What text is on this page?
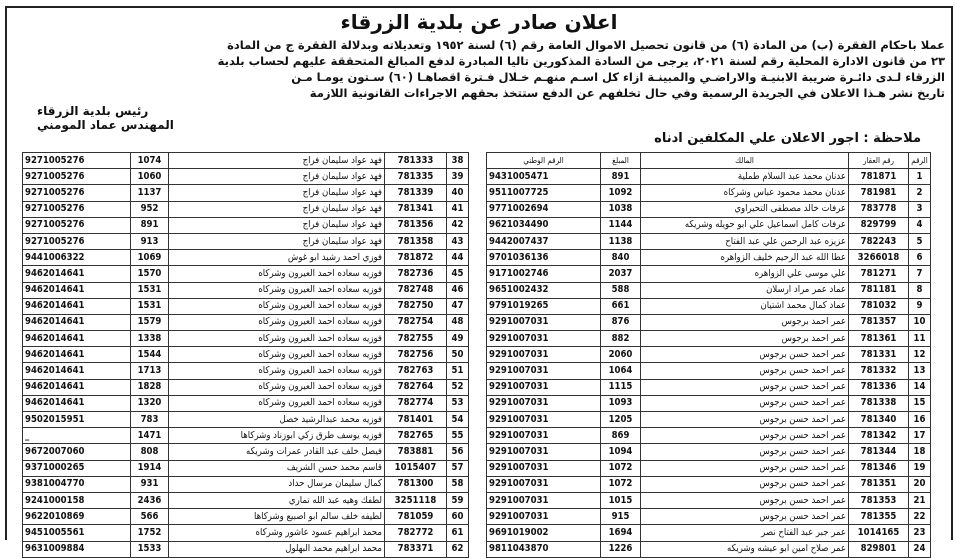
اعلان صادر عن بلدية الزرقاء
عملا باحكام الفقرة (ب) من المادة (٦) من قانون تحصيل الاموال العامة رقم (٦) لسنة ١٩٥٢ وتعديلاته وبدلالة الفقرة ج من المادة
٢٣ من قانون الادارة المحلية رقم لسنة ٢٠٢١، يرجى من السادة المذكورين تاليا المبادرة لدفع المبالغ المتحققة عليهم لحساب بلدية
الزرقاء لـدى دائـرة ضريبة الابنيـة والاراضـي والمبينـة ازاء كل اسـم منهـم خـلال فـترة اقصاهـا (٦٠) سـتون يومـا مـن
تاريخ نشر هـذا الاعلان في الجريدة الرسمية وفي حال تخلفهم عن الدفع ستتخذ بحقهم الاجراءات القانونية اللازمة
رئيس بلدية الزرقاء
المهندس عماد المومني
ملاحظة : اجور الاعلان علي المكلفين ادناه
الرقم	رقم العقار	المالك	المبلغ	الرقم الوطني
1	781871	عدنان محمد عبد السلام طملية	891	9431005471
2	781981	عدنان محمد محمود عباس وشركاه	1092	9511007725
3	783778	عرفات خالد مصطفى التحيراوي	1038	9771002694
4	829799	عرفات كامل اسماعيل علي ابو حويله وشريكه	1144	9621034490
5	782243	عزيزه عبد الرحمن علي عبد الفتاح	1138	9442007437
6	3266018	عطا الله عبد الرحيم خليف الزواهره	840	9701036136
7	781271	علي موسى علي الزواهره	2037	9171002746
8	781181	عماد عمر مراد ارسلان	588	9651002432
9	781032	عماد كمال محمد اشتيان	661	9791019265
10	781357	عمر احمد برجوس	876	9291007031
11	781361	عمر احمد برجوس	882	9291007031
12	781331	عمر احمد حسن برجوس	2060	9291007031
13	781332	عمر احمد حسن برجوس	1064	9291007031
14	781336	عمر احمد حسن برجوس	1115	9291007031
15	781338	عمر احمد حسن برجوس	1093	9291007031
16	781340	عمر احمد حسن برجوس	1205	9291007031
17	781342	عمر احمد حسن برجوس	869	9291007031
18	781344	عمر احمد حسن برجوس	1094	9291007031
19	781346	عمر احمد حسن برجوس	1072	9291007031
20	781351	عمر احمد حسن برجوس	1072	9291007031
21	781353	عمر احمد حسن برجوس	1015	9291007031
22	781355	عمر احمد حسن برجوس	915	9291007031
23	1014165	عمر جبر عبد الفتاح نصر	1694	9691019002
24	829801	عمر صلاح امين ابو عيشه وشريكه	1226	9811043870
38	781333	فهد عواد سليمان فراج	1074	9271005276
39	781335	فهد عواد سليمان فراج	1060	9271005276
40	781339	فهد عواد سليمان فراج	1137	9271005276
41	781341	فهد عواد سليمان فراج	952	9271005276
42	781356	فهد عواد سليمان فراج	891	9271005276
43	781358	فهد عواد سليمان فراج	913	9271005276
44	781872	فوزي احمد رشيد ابو غوش	1069	9441006322
45	782736	فوزيه سعاده احمد العيرون وشركاه	1570	9462014641
46	782748	فوزيه سعاده احمد العيرون وشركاه	1531	9462014641
47	782750	فوزيه سعاده احمد العيرون وشركاه	1531	9462014641
48	782754	فوزيه سعاده احمد العيرون وشركاه	1579	9462014641
49	782755	فوزيه سعاده احمد العيرون وشركاه	1338	9462014641
50	782756	فوزيه سعاده احمد العيرون وشركاه	1544	9462014641
51	782763	فوزيه سعاده احمد العيرون وشركاه	1713	9462014641
52	782764	فوزيه سعاده احمد العيرون وشركاه	1828	9462014641
53	782774	فوزيه سعاده احمد العيرون وشركاه	1320	9462014641
54	781401	فوزيه محمد عبدالرشيد خصل	783	9502015951
55	782765	فوزيه يوسف طرق زكي ابوزناد وشركاها	1471	_
56	783881	فيصل خلف عبد القادر عمرات وشريكه	808	9672007060
57	1015407	قاسم محمد حسن الشريف	1914	9371000265
58	781300	كمال سليمان مرسال حداد	931	9381004770
59	3251118	لطفك وهيه عبد الله تماري	2436	9241000158
60	781059	لطيفه خلف سالم ابو اصبيع وشركاها	566	9622010869
61	782772	محمد ابراهيم عسود عاشور وشركاه	1752	9451005561
62	783371	محمد ابراهيم محمد البهلول	1533	9631009884
